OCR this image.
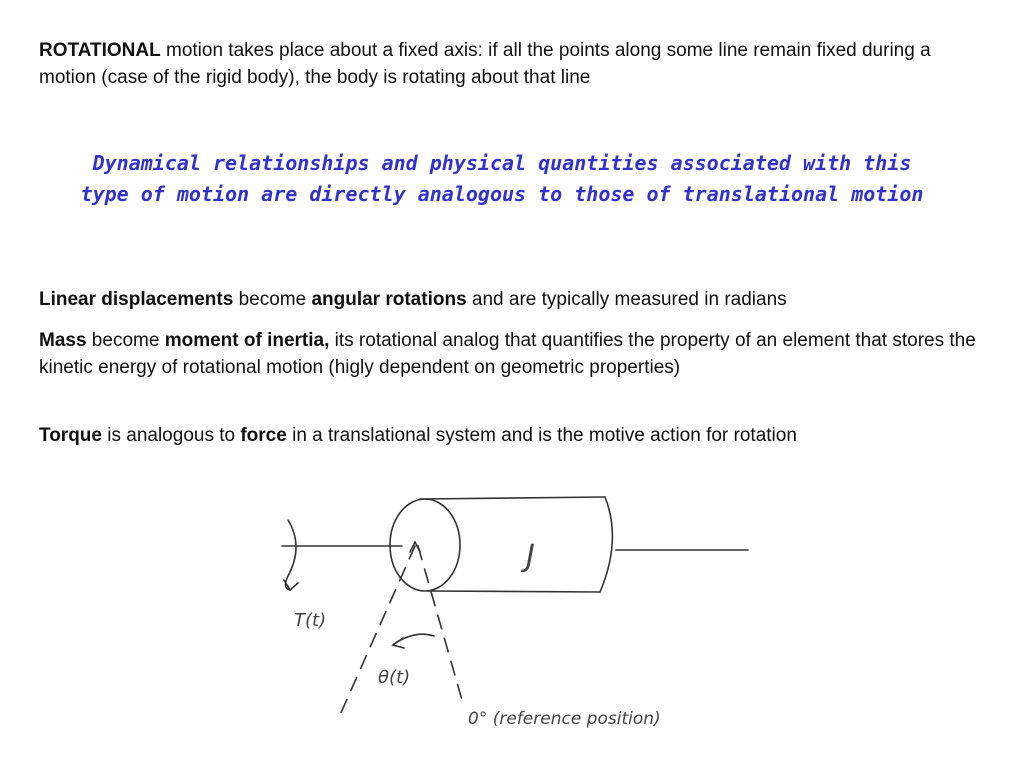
ROTATIONAL motion takes place about a fixed axis: if all the points along some line remain fixed during a motion (case of the rigid body), the body is rotating about that line

Dynamical relationships and physical quantities associated with this
type of motion are directly analogous to those of translational motion

Linear displacements become angular rotations and are typically measured in radians

Mass become moment of inertia, its rotational analog that quantifies the property of an element that stores the kinetic energy of rotational motion (higly dependent on geometric properties)

Torque is analogous to force in a translational system and is the motive action for rotation

J
T(t)
θ(t)
0° (reference position)
